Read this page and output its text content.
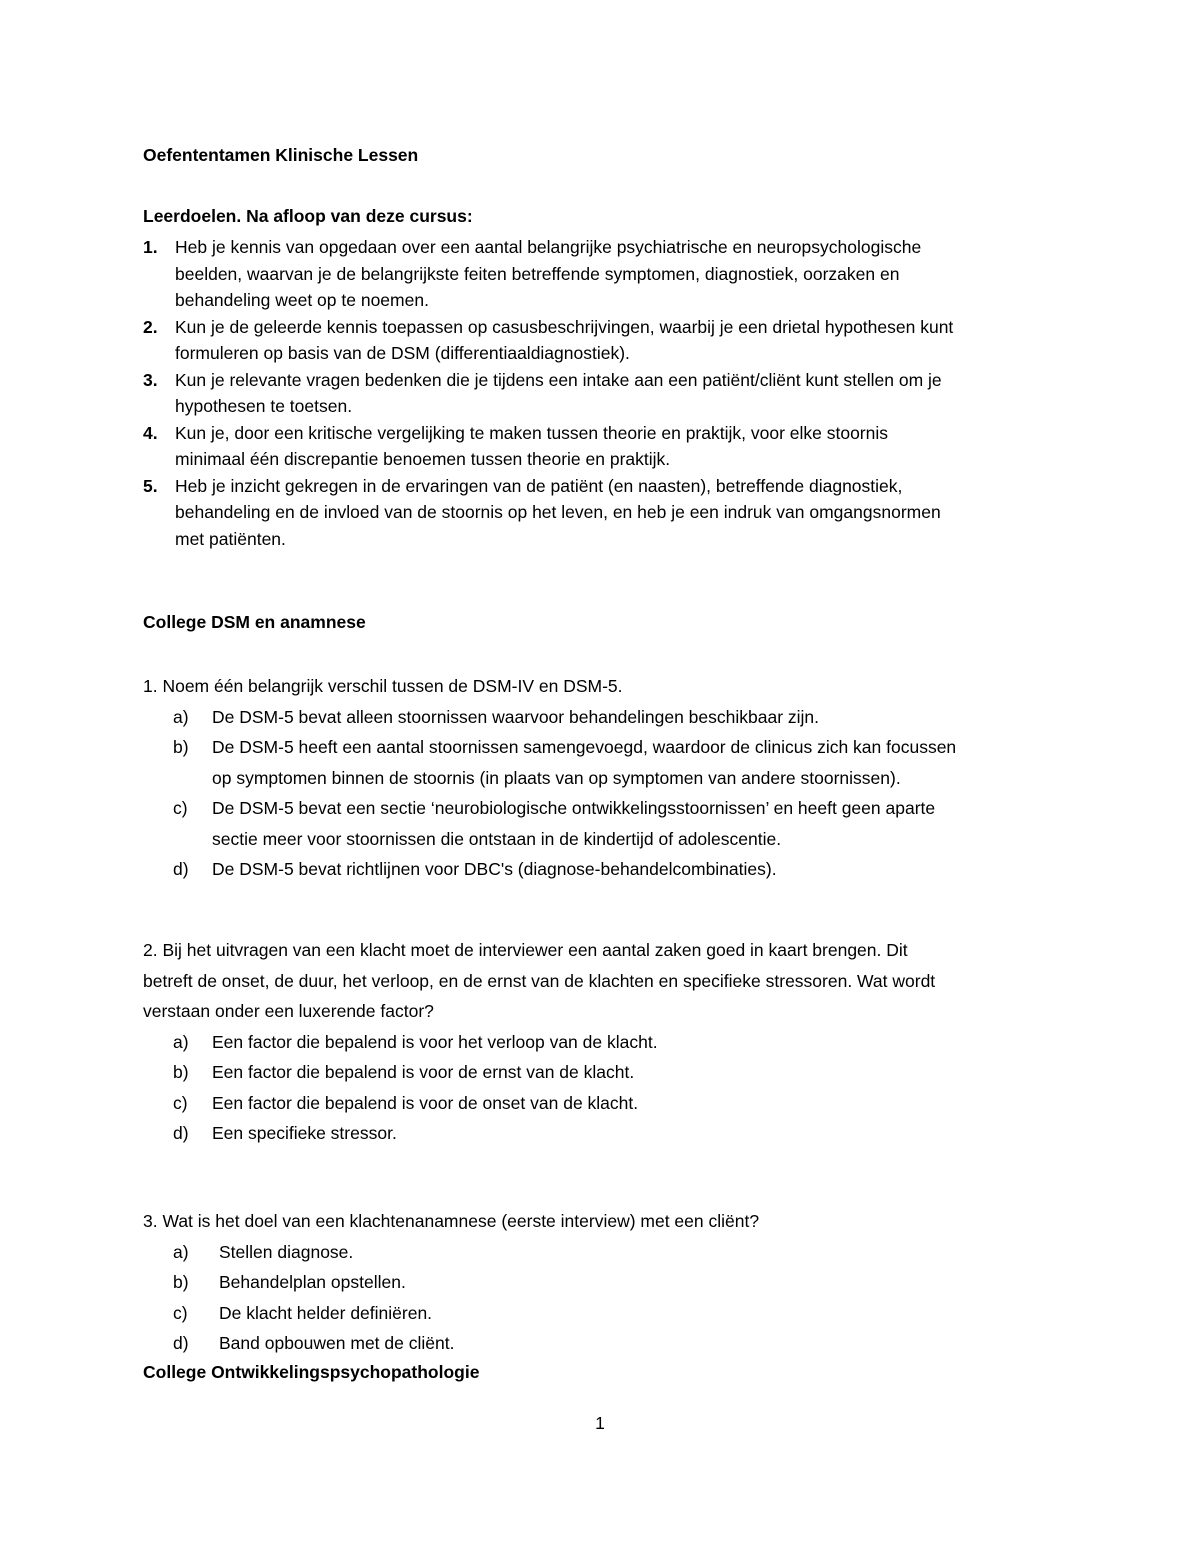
Oefententamen Klinische Lessen
Leerdoelen. Na afloop van deze cursus:
1. Heb je kennis van opgedaan over een aantal belangrijke psychiatrische en neuropsychologische
beelden, waarvan je de belangrijkste feiten betreffende symptomen, diagnostiek, oorzaken en
behandeling weet op te noemen.
2. Kun je de geleerde kennis toepassen op casusbeschrijvingen, waarbij je een drietal hypothesen kunt
formuleren op basis van de DSM (differentiaaldiagnostiek).
3. Kun je relevante vragen bedenken die je tijdens een intake aan een patiënt/cliënt kunt stellen om je
hypothesen te toetsen.
4. Kun je, door een kritische vergelijking te maken tussen theorie en praktijk, voor elke stoornis
minimaal één discrepantie benoemen tussen theorie en praktijk.
5. Heb je inzicht gekregen in de ervaringen van de patiënt (en naasten), betreffende diagnostiek,
behandeling en de invloed van de stoornis op het leven, en heb je een indruk van omgangsnormen
met patiënten.
College DSM en anamnese
1. Noem één belangrijk verschil tussen de DSM-IV en DSM-5.
a) De DSM-5 bevat alleen stoornissen waarvoor behandelingen beschikbaar zijn.
b) De DSM-5 heeft een aantal stoornissen samengevoegd, waardoor de clinicus zich kan focussen
op symptomen binnen de stoornis (in plaats van op symptomen van andere stoornissen).
c) De DSM-5 bevat een sectie ‘neurobiologische ontwikkelingsstoornissen’ en heeft geen aparte
sectie meer voor stoornissen die ontstaan in de kindertijd of adolescentie.
d) De DSM-5 bevat richtlijnen voor DBC's (diagnose-behandelcombinaties).
2. Bij het uitvragen van een klacht moet de interviewer een aantal zaken goed in kaart brengen. Dit
betreft de onset, de duur, het verloop, en de ernst van de klachten en specifieke stressoren. Wat wordt
verstaan onder een luxerende factor?
a) Een factor die bepalend is voor het verloop van de klacht.
b) Een factor die bepalend is voor de ernst van de klacht.
c) Een factor die bepalend is voor de onset van de klacht.
d) Een specifieke stressor.
3. Wat is het doel van een klachtenanamnese (eerste interview) met een cliënt?
a) Stellen diagnose.
b) Behandelplan opstellen.
c) De klacht helder definiëren.
d) Band opbouwen met de cliënt.
College Ontwikkelingspsychopathologie
1
